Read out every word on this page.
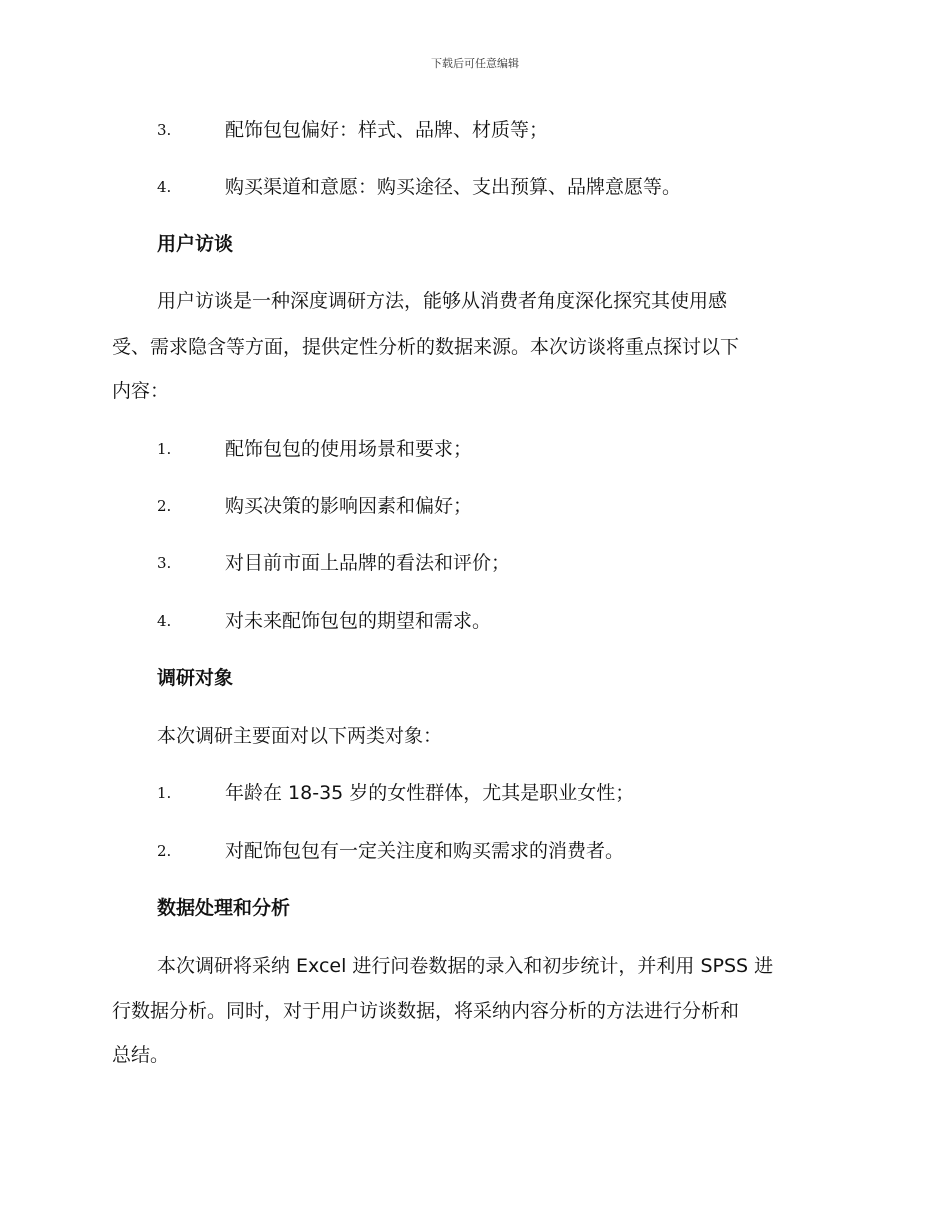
下载后可任意编辑
3.	配饰包包偏好：样式、品牌、材质等；
4.	购买渠道和意愿：购买途径、支出预算、品牌意愿等。
用户访谈
用户访谈是一种深度调研方法，能够从消费者角度深化探究其使用感
受、需求隐含等方面，提供定性分析的数据来源。本次访谈将重点探讨以下
内容：
1.	配饰包包的使用场景和要求；
2.	购买决策的影响因素和偏好；
3.	对目前市面上品牌的看法和评价；
4.	对未来配饰包包的期望和需求。
调研对象
本次调研主要面对以下两类对象：
1.	年龄在 18-35 岁的女性群体，尤其是职业女性；
2.	对配饰包包有一定关注度和购买需求的消费者。
数据处理和分析
本次调研将采纳 Excel 进行问卷数据的录入和初步统计，并利用 SPSS 进
行数据分析。同时，对于用户访谈数据，将采纳内容分析的方法进行分析和
总结。
